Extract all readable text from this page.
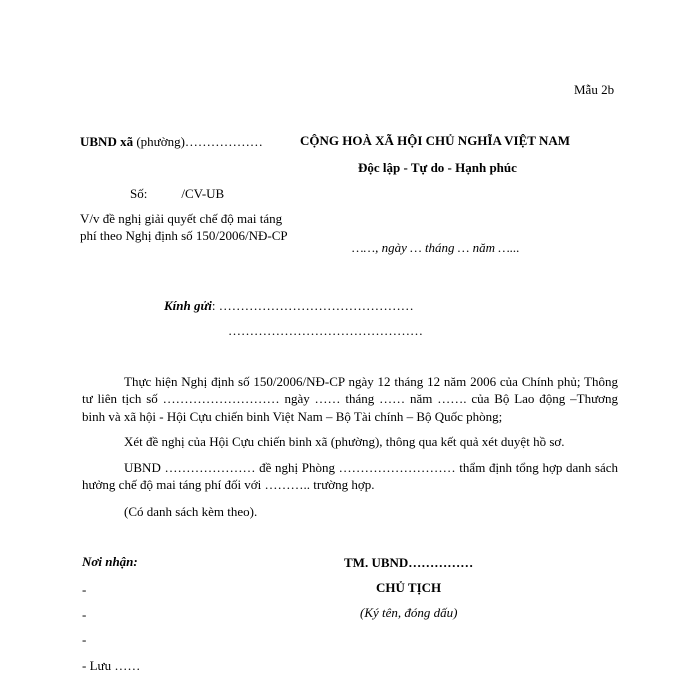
Mẫu 2b
UBND xã (phường)………………	CỘNG HOÀ XÃ HỘI CHỦ NGHĨA VIỆT NAM
Độc lập - Tự do - Hạnh phúc
Số:	/CV-UB
V/v đề nghị giải quyết chế độ mai táng phí theo Nghị định số 150/2006/NĐ-CP
……, ngày … tháng … năm …...
Kính gửi: ………………………………………
………………………………………
Thực hiện Nghị định số 150/2006/NĐ-CP ngày 12 tháng 12 năm 2006 của Chính phủ; Thông tư liên tịch số ……………………… ngày …… tháng …… năm ……. của Bộ Lao động –Thương binh và xã hội - Hội Cựu chiến binh Việt Nam – Bộ Tài chính – Bộ Quốc phòng;
Xét đề nghị của Hội Cựu chiến binh xã (phường), thông qua kết quả xét duyệt hồ sơ.
UBND ………………… đề nghị Phòng ……………………… thẩm định tổng hợp danh sách hưởng chế độ mai táng phí đối với ……….. trường hợp.
(Có danh sách kèm theo).
Nơi nhận:
-
-
-
- Lưu ……
TM. UBND……………
CHỦ TỊCH
(Ký tên, đóng dấu)
